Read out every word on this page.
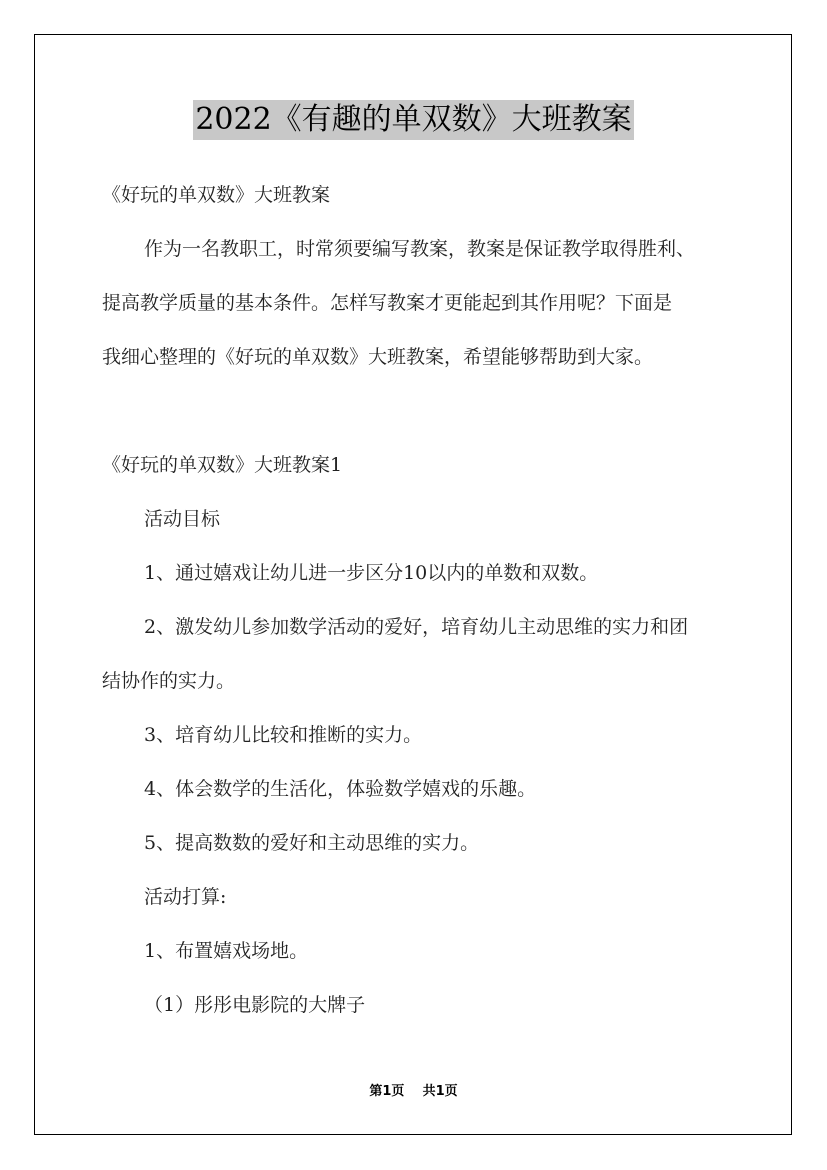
2022《有趣的单双数》大班教案
《好玩的单双数》大班教案
作为一名教职工，时常须要编写教案，教案是保证教学取得胜利、
提高教学质量的基本条件。怎样写教案才更能起到其作用呢？下面是
我细心整理的《好玩的单双数》大班教案，希望能够帮助到大家。
《好玩的单双数》大班教案1
活动目标
1、通过嬉戏让幼儿进一步区分10以内的单数和双数。
2、激发幼儿参加数学活动的爱好，培育幼儿主动思维的实力和团
结协作的实力。
3、培育幼儿比较和推断的实力。
4、体会数学的生活化，体验数学嬉戏的乐趣。
5、提高数数的爱好和主动思维的实力。
活动打算:
1、布置嬉戏场地。
（1）彤彤电影院的大牌子
第1页 共1页
